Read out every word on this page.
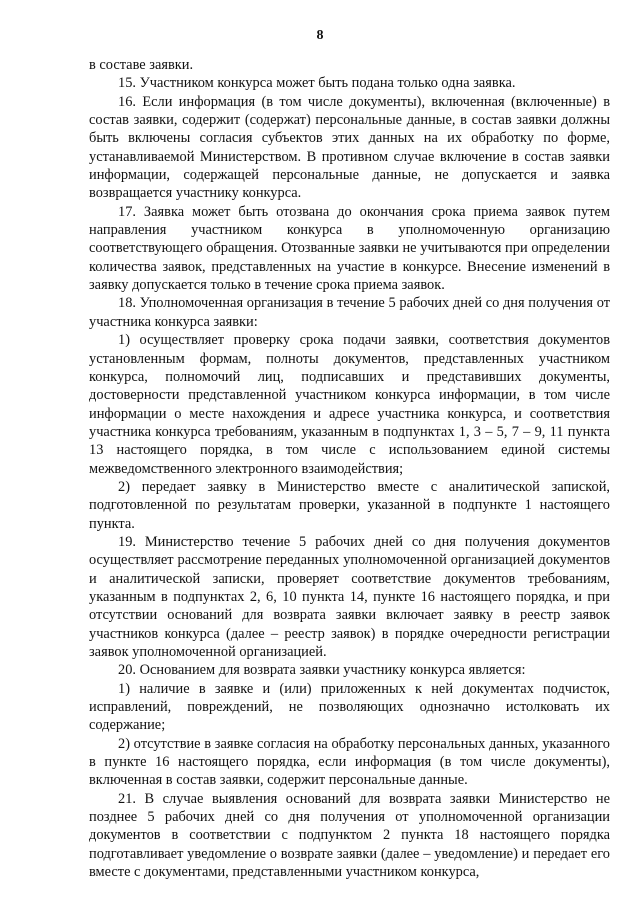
8

в составе заявки.

15. Участником конкурса может быть подана только одна заявка.

16. Если информация (в том числе документы), включенная (включенные) в состав заявки, содержит (содержат) персональные данные, в состав заявки должны быть включены согласия субъектов этих данных на их обработку по форме, устанавливаемой Министерством. В противном случае включение в состав заявки информации, содержащей персональные данные, не допускается и заявка возвращается участнику конкурса.

17. Заявка может быть отозвана до окончания срока приема заявок путем направления участником конкурса в уполномоченную организацию соответствующего обращения. Отозванные заявки не учитываются при определении количества заявок, представленных на участие в конкурсе. Внесение изменений в заявку допускается только в течение срока приема заявок.

18. Уполномоченная организация в течение 5 рабочих дней со дня получения от участника конкурса заявки:

1) осуществляет проверку срока подачи заявки, соответствия документов установленным формам, полноты документов, представленных участником конкурса, полномочий лиц, подписавших и представивших документы, достоверности представленной участником конкурса информации, в том числе информации о месте нахождения и адресе участника конкурса, и соответствия участника конкурса требованиям, указанным в подпунктах 1, 3 – 5, 7 – 9, 11 пункта 13 настоящего порядка, в том числе с использованием единой системы межведомственного электронного взаимодействия;

2) передает заявку в Министерство вместе с аналитической запиской, подготовленной по результатам проверки, указанной в подпункте 1 настоящего пункта.

19. Министерство течение 5 рабочих дней со дня получения документов осуществляет рассмотрение переданных уполномоченной организацией документов и аналитической записки, проверяет соответствие документов требованиям, указанным в подпунктах 2, 6, 10 пункта 14, пункте 16 настоящего порядка, и при отсутствии оснований для возврата заявки включает заявку в реестр заявок участников конкурса (далее – реестр заявок) в порядке очередности регистрации заявок уполномоченной организацией.

20. Основанием для возврата заявки участнику конкурса является:

1) наличие в заявке и (или) приложенных к ней документах подчисток, исправлений, повреждений, не позволяющих однозначно истолковать их содержание;

2) отсутствие в заявке согласия на обработку персональных данных, указанного в пункте 16 настоящего порядка, если информация (в том числе документы), включенная в состав заявки, содержит персональные данные.

21. В случае выявления оснований для возврата заявки Министерство не позднее 5 рабочих дней со дня получения от уполномоченной организации документов в соответствии с подпунктом 2 пункта 18 настоящего порядка подготавливает уведомление о возврате заявки (далее – уведомление) и передает его вместе с документами, представленными участником конкурса,
